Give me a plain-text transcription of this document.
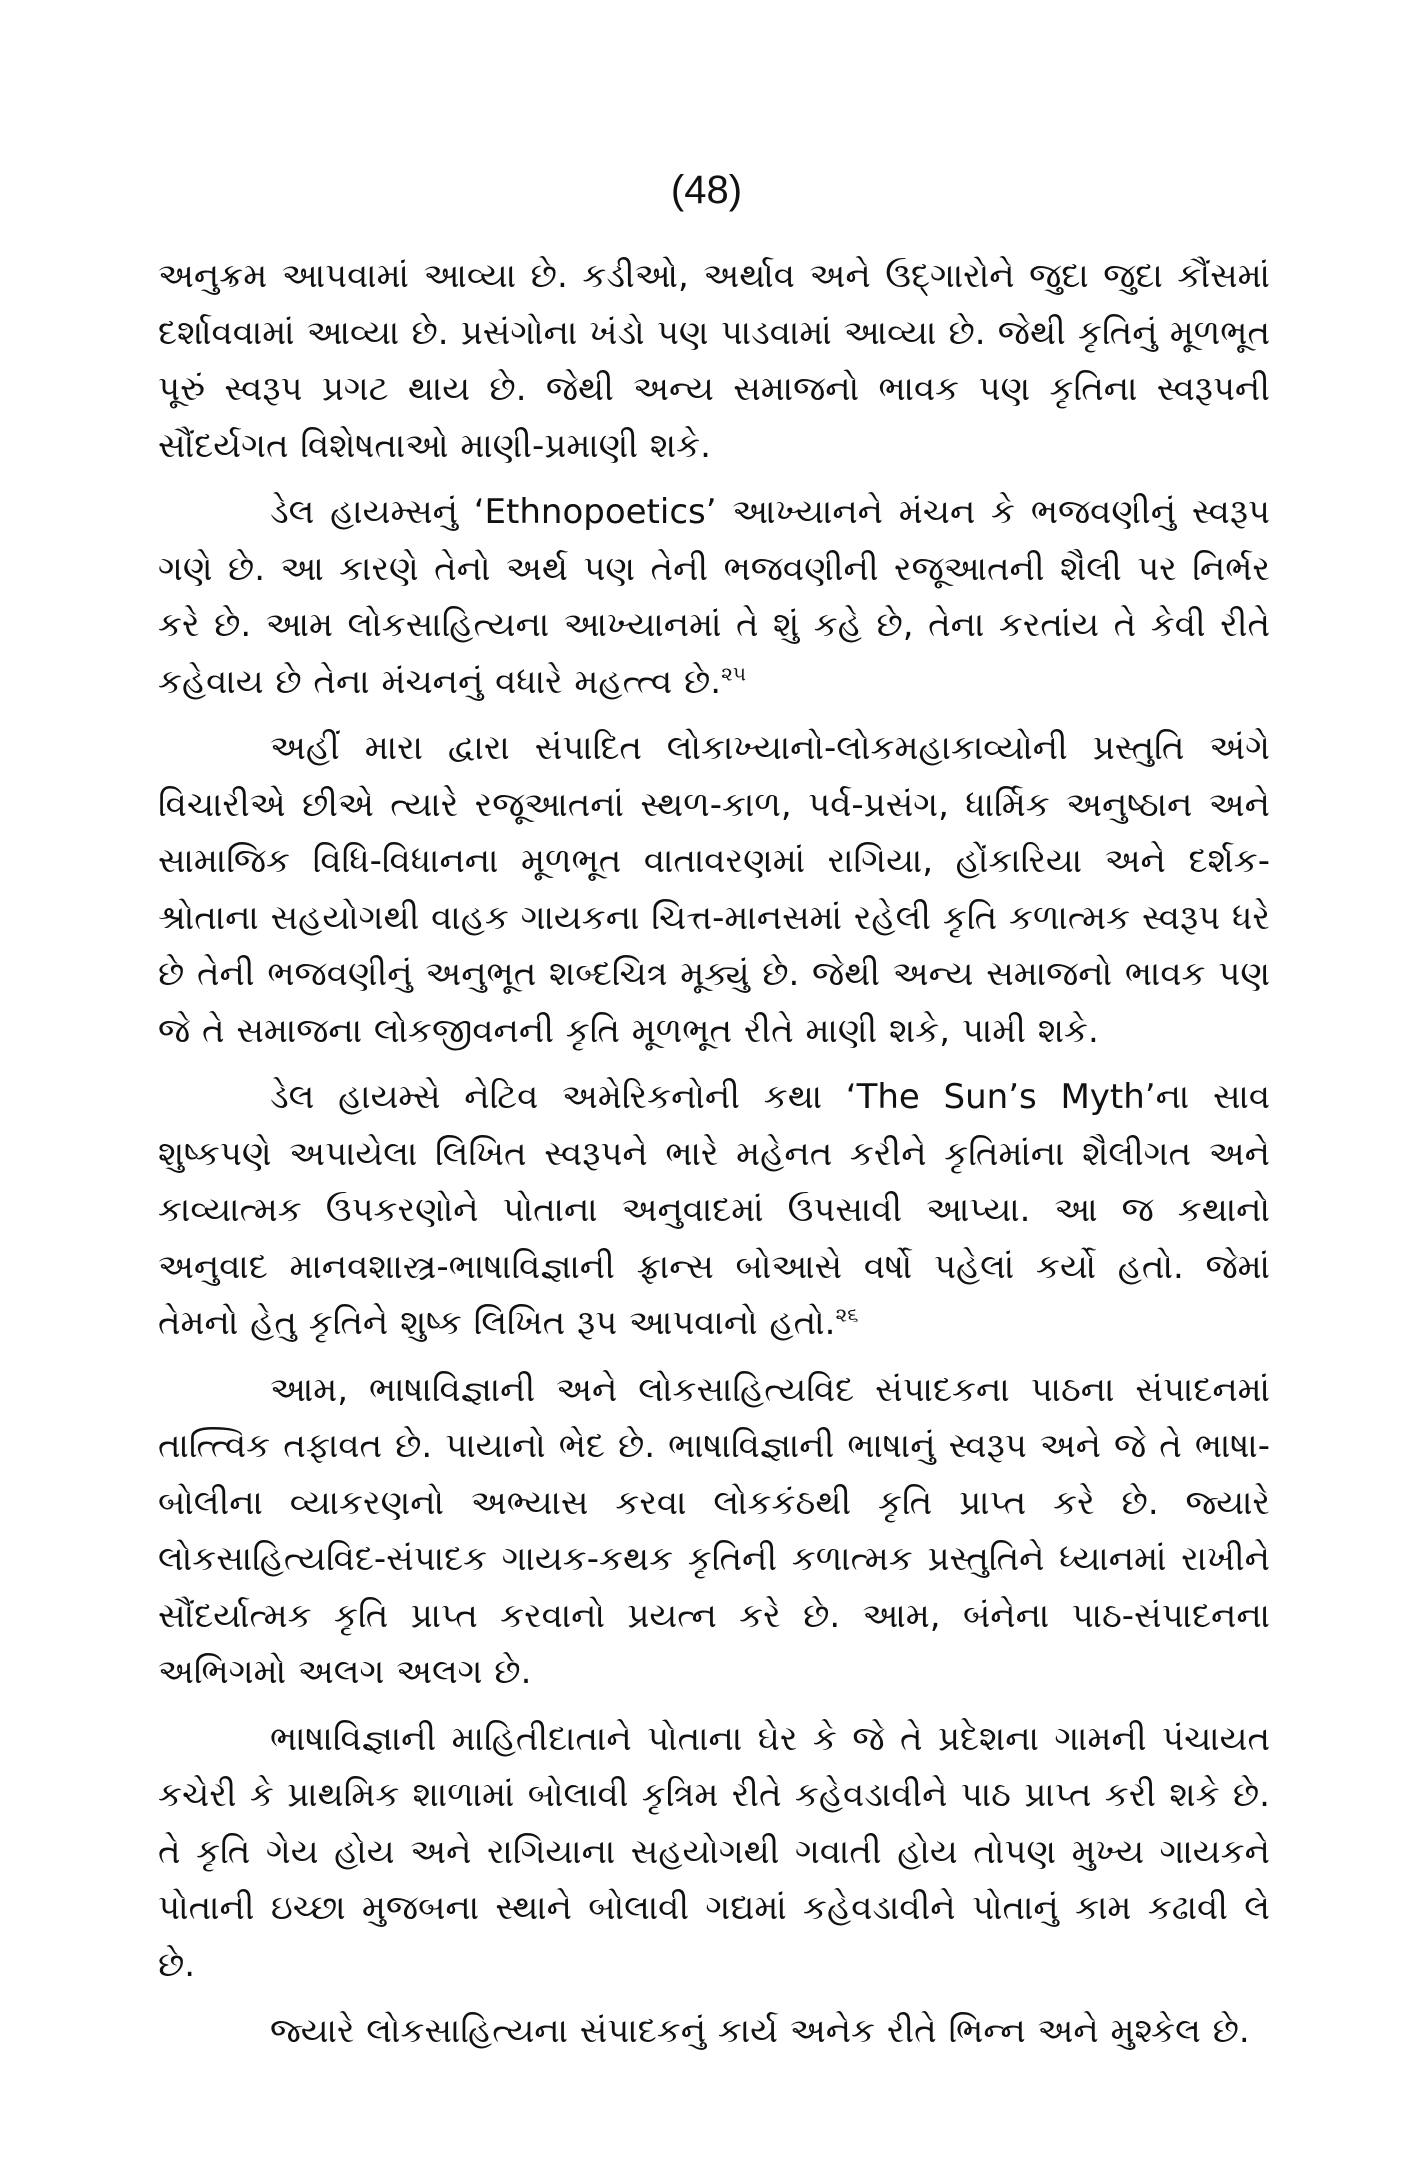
(48)

અનુક્રમ આપવામાં આવ્યા છે. કડીઓ, અર્થાવ અને ઉદ્ગારોને જુદા જુદા કૌંસમાં દર્શાવવામાં આવ્યા છે. પ્રસંગોના ખંડો પણ પાડવામાં આવ્યા છે. જેથી કૃતિનું મૂળભૂત પૂરું સ્વરૂપ પ્રગટ થાય છે. જેથી અન્ય સમાજનો ભાવક પણ કૃતિના સ્વરૂપની સૌંદર્યગત વિશેષતાઓ માણી-પ્રમાણી શકે.

ડેલ હાયમ્સનું ‘Ethnopoetics’ આખ્યાનને મંચન કે ભજવણીનું સ્વરૂપ ગણે છે. આ કારણે તેનો અર્થ પણ તેની ભજવણીની રજૂઆતની શૈલી પર નિર્ભર કરે છે. આમ લોકસાહિત્યના આખ્યાનમાં તે શું કહે છે, તેના કરતાંય તે કેવી રીતે કહેવાય છે તેના મંચનનું વધારે મહત્ત્વ છે.$^{૨૫}$

અહીં મારા દ્વારા સંપાદિત લોકાખ્યાનો-લોકમહાકાવ્યોની પ્રસ્તુતિ અંગે વિચારીએ છીએ ત્યારે રજૂઆતનાં સ્થળ-કાળ, પર્વ-પ્રસંગ, ધાર્મિક અનુષ્ઠાન અને સામાજિક વિધિ-વિધાનના મૂળભૂત વાતાવરણમાં રાગિયા, હોંકારિયા અને દર્શક-શ્રોતાના સહયોગથી વાહક ગાયકના ચિત્ત-માનસમાં રહેલી કૃતિ કળાત્મક સ્વરૂપ ધરે છે તેની ભજવણીનું અનુભૂત શબ્દચિત્ર મૂક્યું છે. જેથી અન્ય સમાજનો ભાવક પણ જે તે સમાજના લોકજીવનની કૃતિ મૂળભૂત રીતે માણી શકે, પામી શકે.

ડેલ હાયમ્સે નેટિવ અમેરિકનોની કથા ‘The Sun’s Myth’ના સાવ શુષ્કપણે અપાયેલા લિખિત સ્વરૂપને ભારે મહેનત કરીને કૃતિમાંના શૈલીગત અને કાવ્યાત્મક ઉપકરણોને પોતાના અનુવાદમાં ઉપસાવી આપ્યા. આ જ કથાનો અનુવાદ માનવશાસ્ત્ર-ભાષાવિજ્ઞાની ફ્રાન્સ બોઆસે વર્ષો પહેલાં કર્યો હતો. જેમાં તેમનો હેતુ કૃતિને શુષ્ક લિખિત રૂપ આપવાનો હતો.$^{૨૬}$

આમ, ભાષાવિજ્ઞાની અને લોકસાહિત્યવિદ સંપાદકના પાઠના સંપાદનમાં તાત્ત્વિક તફાવત છે. પાયાનો ભેદ છે. ભાષાવિજ્ઞાની ભાષાનું સ્વરૂપ અને જે તે ભાષા-બોલીના વ્યાકરણનો અભ્યાસ કરવા લોકકંઠથી કૃતિ પ્રાપ્ત કરે છે. જ્યારે લોકસાહિત્યવિદ-સંપાદક ગાયક-કથક કૃતિની કળાત્મક પ્રસ્તુતિને ધ્યાનમાં રાખીને સૌંદર્યાત્મક કૃતિ પ્રાપ્ત કરવાનો પ્રયત્ન કરે છે. આમ, બંનેના પાઠ-સંપાદનના અભિગમો અલગ અલગ છે.

ભાષાવિજ્ઞાની માહિતીદાતાને પોતાના ઘેર કે જે તે પ્રદેશના ગામની પંચાયત કચેરી કે પ્રાથમિક શાળામાં બોલાવી કૃત્રિમ રીતે કહેવડાવીને પાઠ પ્રાપ્ત કરી શકે છે. તે કૃતિ ગેય હોય અને રાગિયાના સહયોગથી ગવાતી હોય તોપણ મુખ્ય ગાયકને પોતાની ઇચ્છા મુજબના સ્થાને બોલાવી ગદ્યમાં કહેવડાવીને પોતાનું કામ કઢાવી લે છે.

જ્યારે લોકસાહિત્યના સંપાદકનું કાર્ય અનેક રીતે ભિન્ન અને મુશ્કેલ છે.
